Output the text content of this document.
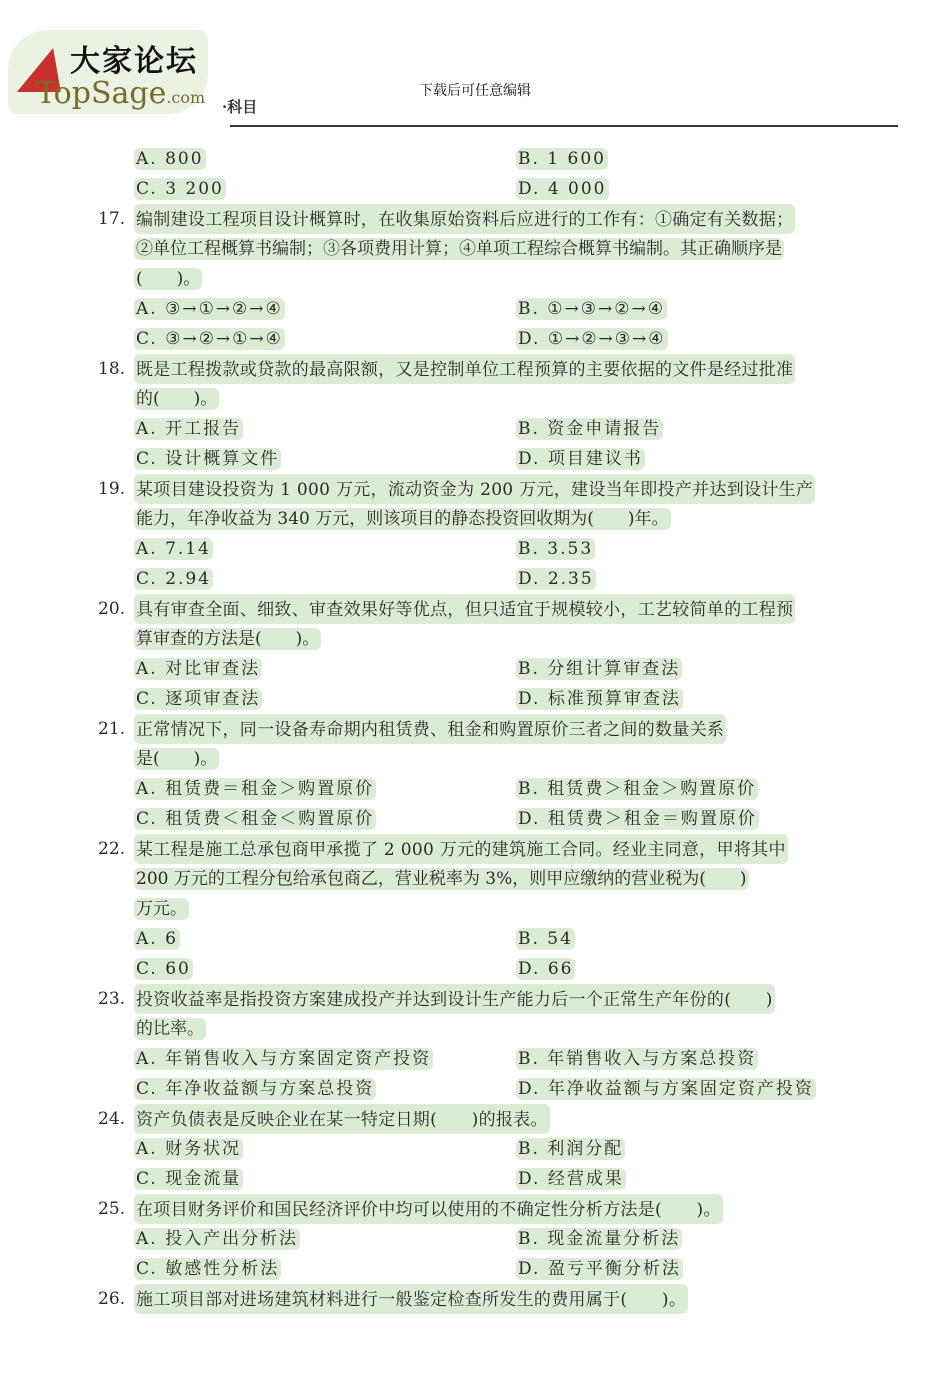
大家论坛
TopSage.com ·科目
下载后可任意编辑
A. 800	B. 1 600
C. 3 200	D. 4 000
17. 编制建设工程项目设计概算时，在收集原始资料后应进行的工作有：①确定有关数据；
②单位工程概算书编制；③各项费用计算；④单项工程综合概算书编制。其正确顺序是
(　　)。
A. ③→①→②→④	B. ①→③→②→④
C. ③→②→①→④	D. ①→②→③→④
18. 既是工程拨款或贷款的最高限额，又是控制单位工程预算的主要依据的文件是经过批准
的(　　)。
A. 开工报告	B. 资金申请报告
C. 设计概算文件	D. 项目建议书
19. 某项目建设投资为 1 000 万元，流动资金为 200 万元，建设当年即投产并达到设计生产
能力，年净收益为 340 万元，则该项目的静态投资回收期为(　　)年。
A. 7.14	B. 3.53
C. 2.94	D. 2.35
20. 具有审查全面、细致、审查效果好等优点，但只适宜于规模较小，工艺较简单的工程预
算审查的方法是(　　)。
A. 对比审查法	B. 分组计算审查法
C. 逐项审查法	D. 标准预算审查法
21. 正常情况下，同一设备寿命期内租赁费、租金和购置原价三者之间的数量关系
是(　　)。
A. 租赁费＝租金＞购置原价	B. 租赁费＞租金＞购置原价
C. 租赁费＜租金＜购置原价	D. 租赁费＞租金＝购置原价
22. 某工程是施工总承包商甲承揽了 2 000 万元的建筑施工合同。经业主同意，甲将其中
200 万元的工程分包给承包商乙，营业税率为 3%，则甲应缴纳的营业税为(　　)
万元。
A. 6	B. 54
C. 60	D. 66
23. 投资收益率是指投资方案建成投产并达到设计生产能力后一个正常生产年份的(　　)
的比率。
A. 年销售收入与方案固定资产投资	B. 年销售收入与方案总投资
C. 年净收益额与方案总投资	D. 年净收益额与方案固定资产投资
24. 资产负债表是反映企业在某一特定日期(　　)的报表。
A. 财务状况	B. 利润分配
C. 现金流量	D. 经营成果
25. 在项目财务评价和国民经济评价中均可以使用的不确定性分析方法是(　　)。
A. 投入产出分析法	B. 现金流量分析法
C. 敏感性分析法	D. 盈亏平衡分析法
26. 施工项目部对进场建筑材料进行一般鉴定检查所发生的费用属于(　　)。
